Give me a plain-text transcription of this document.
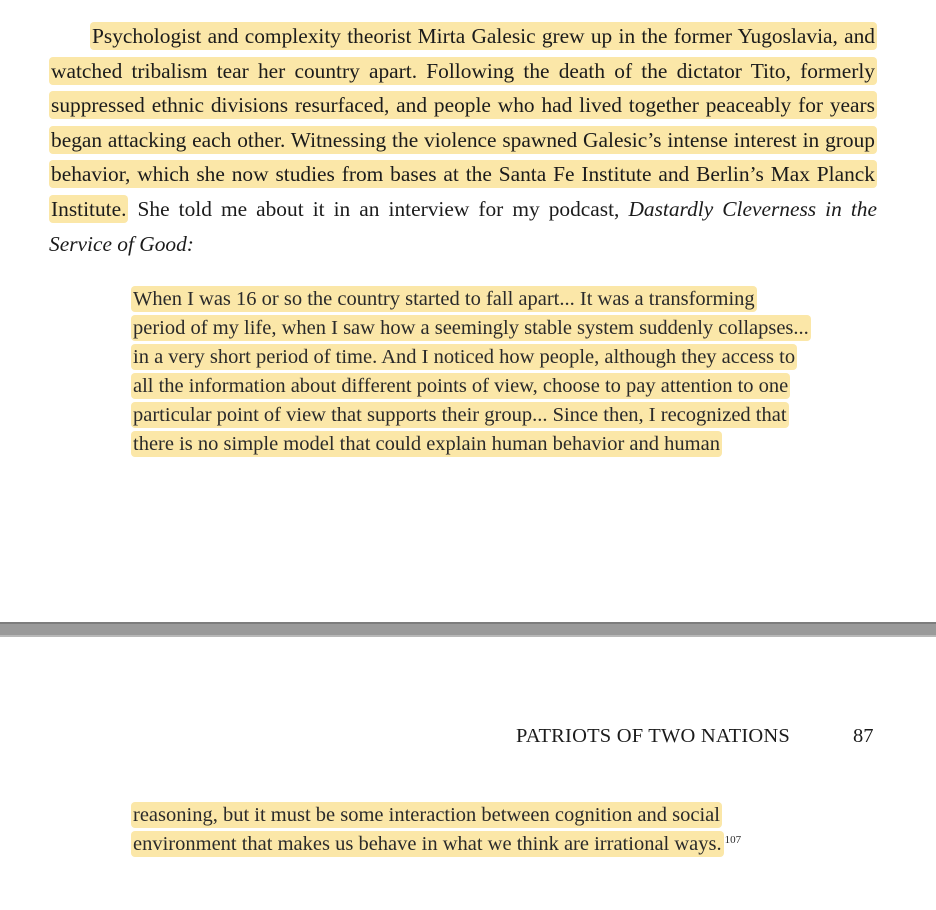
Psychologist and complexity theorist Mirta Galesic grew up in the former Yugoslavia, and watched tribalism tear her country apart. Following the death of the dictator Tito, formerly suppressed ethnic divisions resurfaced, and people who had lived together peaceably for years began attacking each other. Witnessing the violence spawned Galesic’s intense interest in group behavior, which she now studies from bases at the Santa Fe Institute and Berlin’s Max Planck Institute. She told me about it in an interview for my podcast, Dastardly Cleverness in the Service of Good:

When I was 16 or so the country started to fall apart... It was a transforming period of my life, when I saw how a seemingly stable system suddenly collapses... in a very short period of time. And I noticed how people, although they access to all the information about different points of view, choose to pay attention to one particular point of view that supports their group... Since then, I recognized that there is no simple model that could explain human behavior and human

PATRIOTS OF TWO NATIONS	87

reasoning, but it must be some interaction between cognition and social environment that makes us behave in what we think are irrational ways. $^{107}$
